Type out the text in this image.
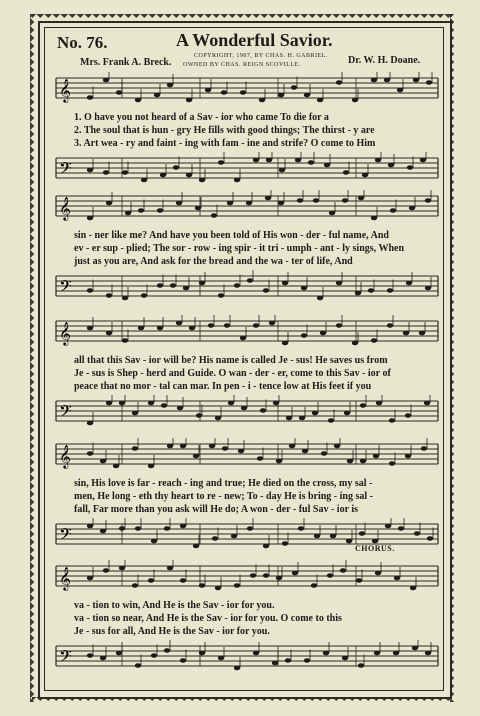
No. 76.	A Wonderful Savior.
COPYRIGHT, 1907, BY CHAS. H. GABRIEL.
OWNED BY CHAS. REIGN SCOVILLE.
Mrs. Frank A. Breck.	Dr. W. H. Doane.
𝄞
1. O have you not heard of a Sav - ior who came To die for a
2. The soul that is hun - gry He fills with good things; The thirst - y are
3. Art wea - ry and faint - ing with fam - ine and strife? O come to Him
𝄢
𝄞
sin - ner like me? And have you been told of His won - der - ful name, And
ev - er sup - plied; The sor - row - ing spir - it tri - umph - ant - ly sings, When
just as you are, And ask for the bread and the wa - ter of life, And
𝄢
𝄞
all that this Sav - ior will be? His name is called Je - sus! He saves us from
Je - sus is Shep - herd and Guide. O wan - der - er, come to this Sav - ior of
peace that no mor - tal can mar. In pen - i - tence low at His feet if you
𝄢
𝄞
sin, His love is far - reach - ing and true; He died on the cross, my sal -
men, He long - eth thy heart to re - new; To - day He is bring - ing sal -
fall, Far more than you ask will He do; A won - der - ful Sav - ior is
𝄢
𝄞
va - tion to win, And He is the Sav - ior for you.
va - tion so near, And He is the Sav - ior for you. O come to this
Je - sus for all, And He is the Sav - ior for you.
𝄢
CHORUS.
